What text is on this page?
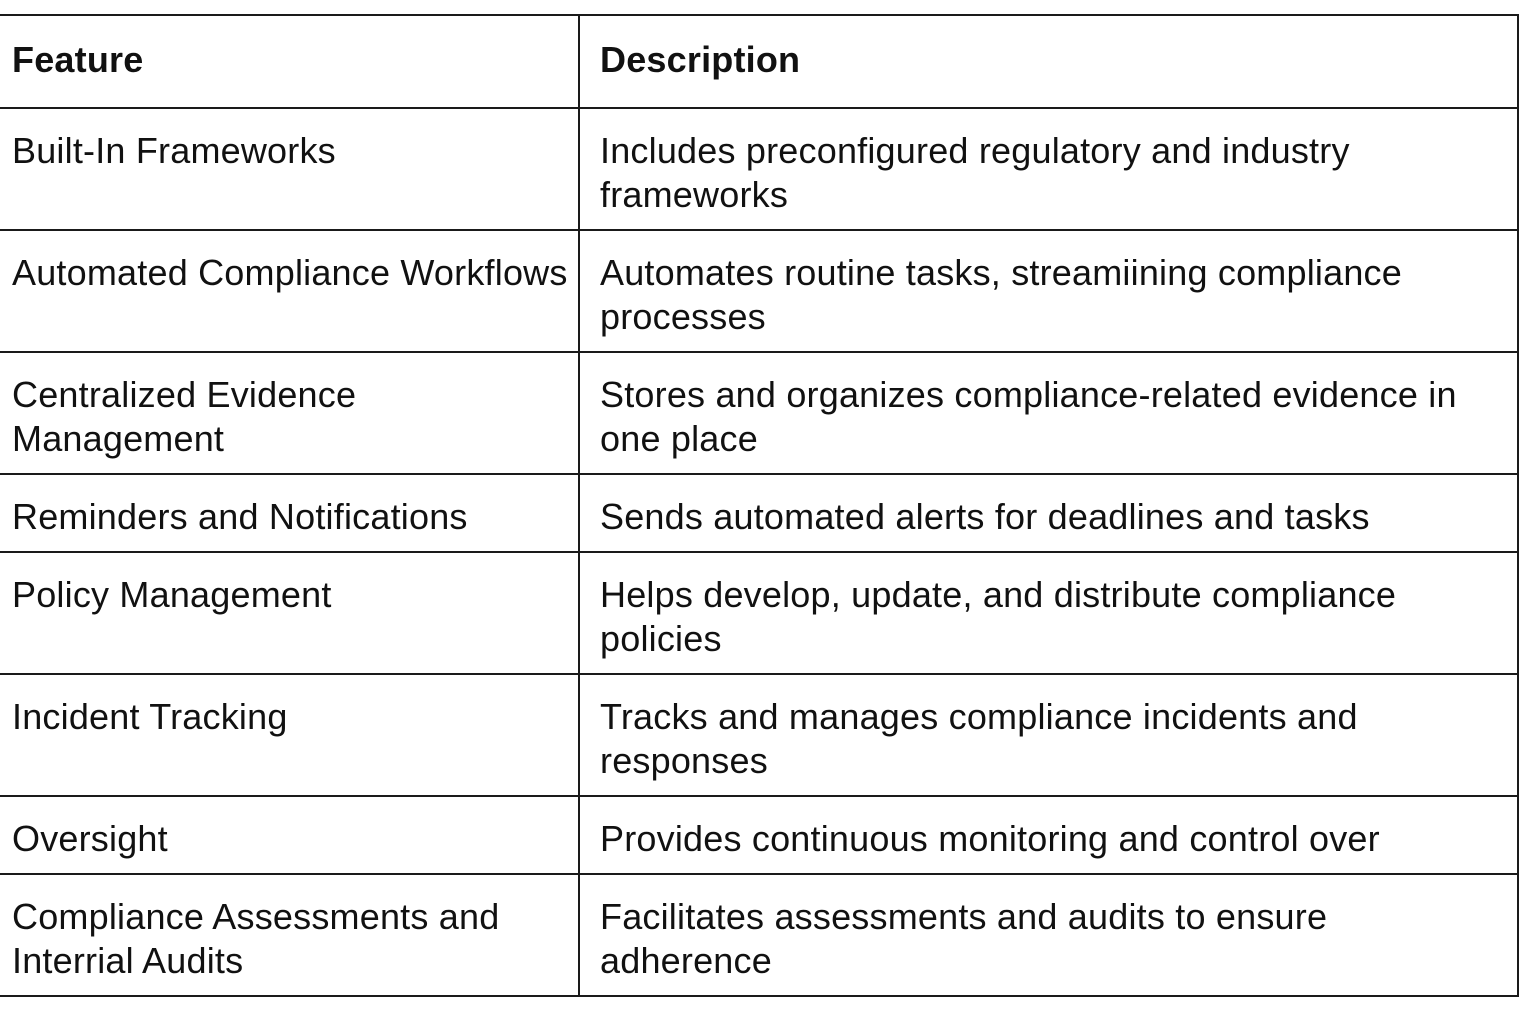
Feature	Description
Built-In Frameworks	Includes preconfigured regulatory and industry frameworks
Automated Compliance Workflows	Automates routine tasks, streamiining compliance processes
Centralized Evidence Management	Stores and organizes compliance-related evidence in one place
Reminders and Notifications	Sends automated alerts for deadlines and tasks
Policy Management	Helps develop, update, and distribute compliance policies
Incident Tracking	Tracks and manages compliance incidents and responses
Oversight	Provides continuous monitoring and control over
Compliance Assessments and Interrial Audits	Facilitates assessments and audits to ensure adherence
